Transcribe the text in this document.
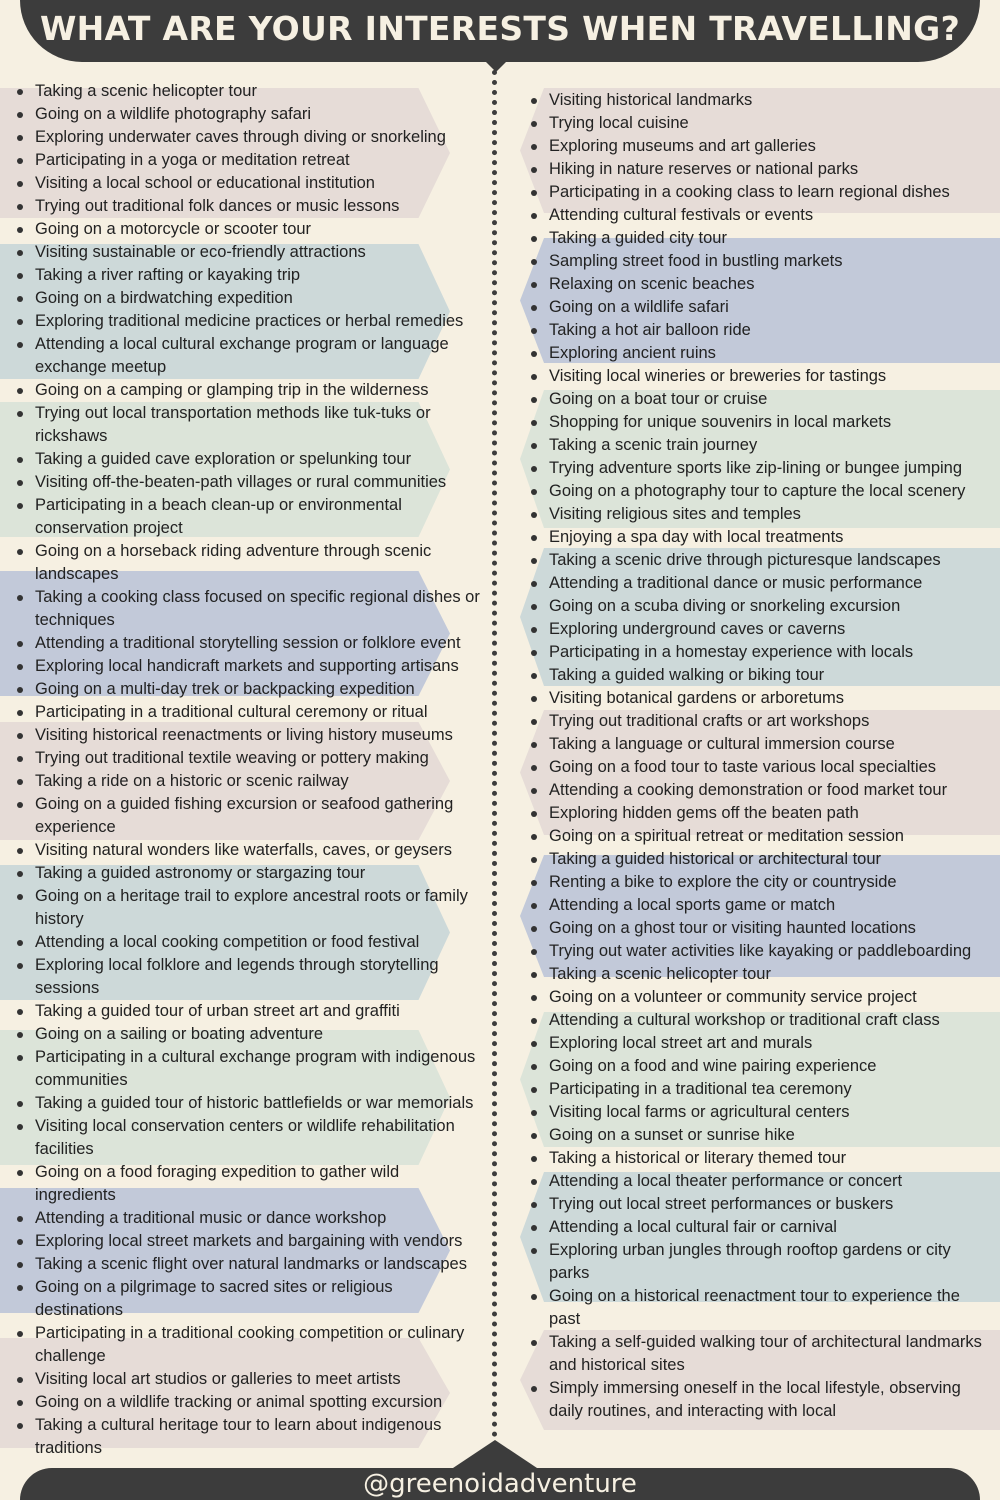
WHAT ARE YOUR INTERESTS WHEN TRAVELLING?
Taking a scenic helicopter tour
Going on a wildlife photography safari
Exploring underwater caves through diving or snorkeling
Participating in a yoga or meditation retreat
Visiting a local school or educational institution
Trying out traditional folk dances or music lessons
Going on a motorcycle or scooter tour
Visiting sustainable or eco-friendly attractions
Taking a river rafting or kayaking trip
Going on a birdwatching expedition
Exploring traditional medicine practices or herbal remedies
Attending a local cultural exchange program or language exchange meetup
Going on a camping or glamping trip in the wilderness
Trying out local transportation methods like tuk-tuks or rickshaws
Taking a guided cave exploration or spelunking tour
Visiting off-the-beaten-path villages or rural communities
Participating in a beach clean-up or environmental conservation project
Going on a horseback riding adventure through scenic landscapes
Taking a cooking class focused on specific regional dishes or techniques
Attending a traditional storytelling session or folklore event
Exploring local handicraft markets and supporting artisans
Going on a multi-day trek or backpacking expedition
Participating in a traditional cultural ceremony or ritual
Visiting historical reenactments or living history museums
Trying out traditional textile weaving or pottery making
Taking a ride on a historic or scenic railway
Going on a guided fishing excursion or seafood gathering experience
Visiting natural wonders like waterfalls, caves, or geysers
Taking a guided astronomy or stargazing tour
Going on a heritage trail to explore ancestral roots or family history
Attending a local cooking competition or food festival
Exploring local folklore and legends through storytelling sessions
Taking a guided tour of urban street art and graffiti
Going on a sailing or boating adventure
Participating in a cultural exchange program with indigenous communities
Taking a guided tour of historic battlefields or war memorials
Visiting local conservation centers or wildlife rehabilitation facilities
Going on a food foraging expedition to gather wild ingredients
Attending a traditional music or dance workshop
Exploring local street markets and bargaining with vendors
Taking a scenic flight over natural landmarks or landscapes
Going on a pilgrimage to sacred sites or religious destinations
Participating in a traditional cooking competition or culinary challenge
Visiting local art studios or galleries to meet artists
Going on a wildlife tracking or animal spotting excursion
Taking a cultural heritage tour to learn about indigenous traditions
Visiting historical landmarks
Trying local cuisine
Exploring museums and art galleries
Hiking in nature reserves or national parks
Participating in a cooking class to learn regional dishes
Attending cultural festivals or events
Taking a guided city tour
Sampling street food in bustling markets
Relaxing on scenic beaches
Going on a wildlife safari
Taking a hot air balloon ride
Exploring ancient ruins
Visiting local wineries or breweries for tastings
Going on a boat tour or cruise
Shopping for unique souvenirs in local markets
Taking a scenic train journey
Trying adventure sports like zip-lining or bungee jumping
Going on a photography tour to capture the local scenery
Visiting religious sites and temples
Enjoying a spa day with local treatments
Taking a scenic drive through picturesque landscapes
Attending a traditional dance or music performance
Going on a scuba diving or snorkeling excursion
Exploring underground caves or caverns
Participating in a homestay experience with locals
Taking a guided walking or biking tour
Visiting botanical gardens or arboretums
Trying out traditional crafts or art workshops
Taking a language or cultural immersion course
Going on a food tour to taste various local specialties
Attending a cooking demonstration or food market tour
Exploring hidden gems off the beaten path
Going on a spiritual retreat or meditation session
Taking a guided historical or architectural tour
Renting a bike to explore the city or countryside
Attending a local sports game or match
Going on a ghost tour or visiting haunted locations
Trying out water activities like kayaking or paddleboarding
Taking a scenic helicopter tour
Going on a volunteer or community service project
Attending a cultural workshop or traditional craft class
Exploring local street art and murals
Going on a food and wine pairing experience
Participating in a traditional tea ceremony
Visiting local farms or agricultural centers
Going on a sunset or sunrise hike
Taking a historical or literary themed tour
Attending a local theater performance or concert
Trying out local street performances or buskers
Attending a local cultural fair or carnival
Exploring urban jungles through rooftop gardens or city parks
Going on a historical reenactment tour to experience the past
Taking a self-guided walking tour of architectural landmarks and historical sites
Simply immersing oneself in the local lifestyle, observing daily routines, and interacting with local
@greenoidadventure
